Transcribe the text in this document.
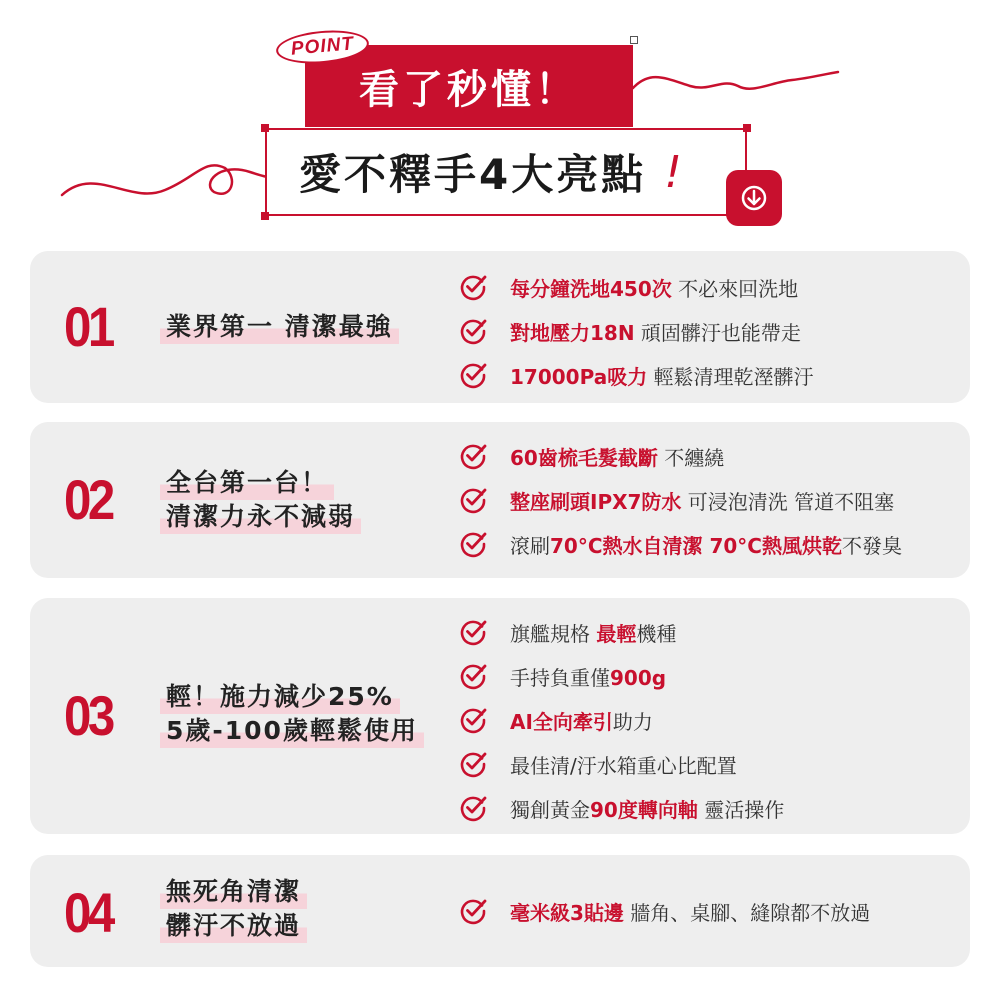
POINT
看了秒懂！
愛不釋手4大亮點 !
01	業界第一 清潔最強
每分鐘洗地450次 不必來回洗地
對地壓力18N 頑固髒汙也能帶走
17000Pa吸力 輕鬆清理乾溼髒汙
02	全台第一台！
清潔力永不減弱
60齒梳毛髮截斷 不纏繞
整座刷頭IPX7防水 可浸泡清洗 管道不阻塞
滾刷70°C熱水自清潔 70°C熱風烘乾不發臭
03	輕！施力減少25%
5歲-100歲輕鬆使用
旗艦規格 最輕機種
手持負重僅900g
AI全向牽引助力
最佳清/汙水箱重心比配置
獨創黃金90度轉向軸 靈活操作
04	無死角清潔
髒汙不放過	毫米級3貼邊 牆角、桌腳、縫隙都不放過
